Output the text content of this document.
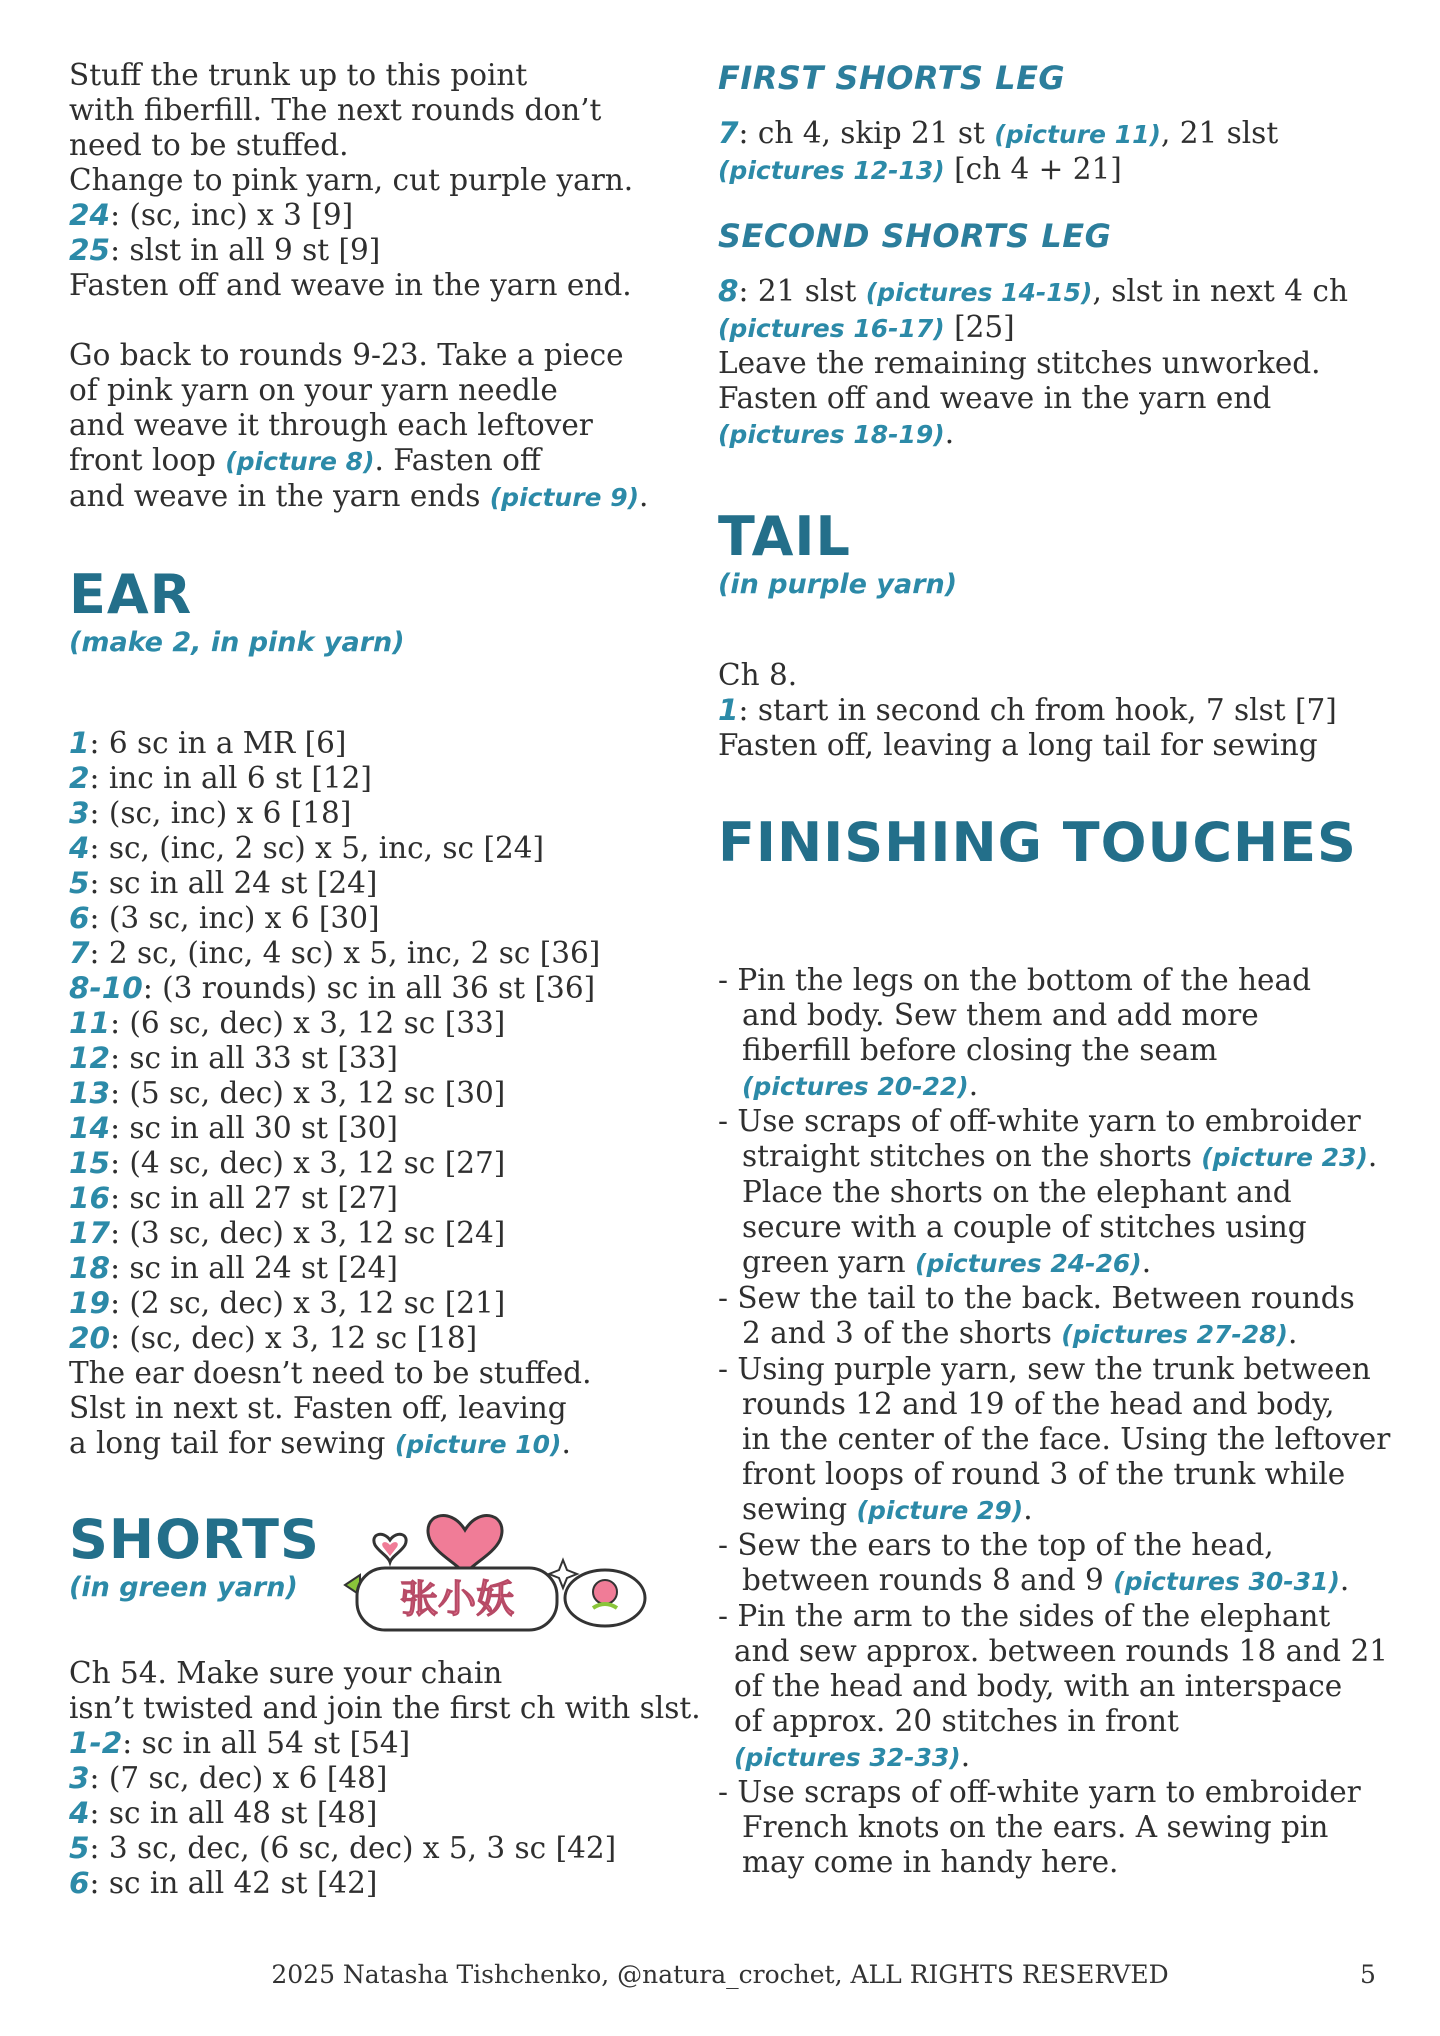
Stuff the trunk up to this point
with fiberfill. The next rounds don’t
need to be stuffed.
Change to pink yarn, cut purple yarn.
24: (sc, inc) x 3 [9]
25: slst in all 9 st [9]
Fasten off and weave in the yarn end.
Go back to rounds 9-23. Take a piece
of pink yarn on your yarn needle
and weave it through each leftover
front loop (picture 8). Fasten off
and weave in the yarn ends (picture 9).
EAR
(make 2, in pink yarn)
1: 6 sc in a MR [6]
2: inc in all 6 st [12]
3: (sc, inc) x 6 [18]
4: sc, (inc, 2 sc) x 5, inc, sc [24]
5: sc in all 24 st [24]
6: (3 sc, inc) x 6 [30]
7: 2 sc, (inc, 4 sc) x 5, inc, 2 sc [36]
8-10: (3 rounds) sc in all 36 st [36]
11: (6 sc, dec) x 3, 12 sc [33]
12: sc in all 33 st [33]
13: (5 sc, dec) x 3, 12 sc [30]
14: sc in all 30 st [30]
15: (4 sc, dec) x 3, 12 sc [27]
16: sc in all 27 st [27]
17: (3 sc, dec) x 3, 12 sc [24]
18: sc in all 24 st [24]
19: (2 sc, dec) x 3, 12 sc [21]
20: (sc, dec) x 3, 12 sc [18]
The ear doesn’t need to be stuffed.
Slst in next st. Fasten off, leaving
a long tail for sewing (picture 10).
SHORTS
(in green yarn)
Ch 54. Make sure your chain
isn’t twisted and join the first ch with slst.
1-2: sc in all 54 st [54]
3: (7 sc, dec) x 6 [48]
4: sc in all 48 st [48]
5: 3 sc, dec, (6 sc, dec) x 5, 3 sc [42]
6: sc in all 42 st [42]
张小妖
FIRST SHORTS LEG
7: ch 4, skip 21 st (picture 11), 21 slst
(pictures 12-13) [ch 4 + 21]
SECOND SHORTS LEG
8: 21 slst (pictures 14-15), slst in next 4 ch
(pictures 16-17) [25]
Leave the remaining stitches unworked.
Fasten off and weave in the yarn end
(pictures 18-19).
TAIL
(in purple yarn)
Ch 8.
1: start in second ch from hook, 7 slst [7]
Fasten off, leaving a long tail for sewing
FINISHING TOUCHES
- Pin the legs on the bottom of the head
and body. Sew them and add more
fiberfill before closing the seam
(pictures 20-22).
- Use scraps of off-white yarn to embroider
straight stitches on the shorts (picture 23).
Place the shorts on the elephant and
secure with a couple of stitches using
green yarn (pictures 24-26).
- Sew the tail to the back. Between rounds
2 and 3 of the shorts (pictures 27-28).
- Using purple yarn, sew the trunk between
rounds 12 and 19 of the head and body,
in the center of the face. Using the leftover
front loops of round 3 of the trunk while
sewing (picture 29).
- Sew the ears to the top of the head,
between rounds 8 and 9 (pictures 30-31).
- Pin the arm to the sides of the elephant
and sew approx. between rounds 18 and 21
of the head and body, with an interspace
of approx. 20 stitches in front
(pictures 32-33).
- Use scraps of off-white yarn to embroider
French knots on the ears. A sewing pin
may come in handy here.
2025 Natasha Tishchenko, @natura_crochet, ALL RIGHTS RESERVED	5
